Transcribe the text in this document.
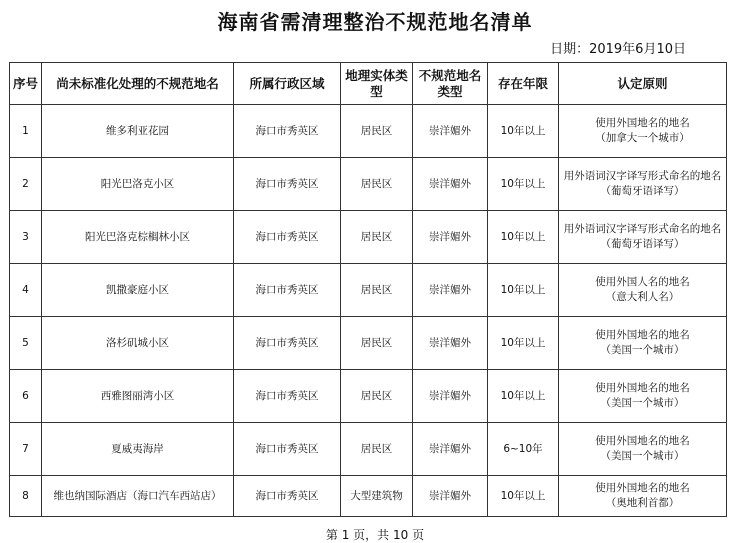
海南省需清理整治不规范地名清单
日期：2019年6月10日
序号	尚未标准化处理的不规范地名	所属行政区域	地理实体类型	不规范地名类型	存在年限	认定原则
1	维多利亚花园	海口市秀英区	居民区	崇洋媚外	10年以上	使用外国地名的地名
（加拿大一个城市）

2	阳光巴洛克小区	海口市秀英区	居民区	崇洋媚外	10年以上	用外语词汉字译写形式命名的地名
（葡萄牙语译写）

3	阳光巴洛克棕榈林小区	海口市秀英区	居民区	崇洋媚外	10年以上	用外语词汉字译写形式命名的地名
（葡萄牙语译写）

4	凯撒豪庭小区	海口市秀英区	居民区	崇洋媚外	10年以上	使用外国人名的地名
（意大利人名）

5	洛杉矶城小区	海口市秀英区	居民区	崇洋媚外	10年以上	使用外国地名的地名
（美国一个城市）

6	西雅图丽湾小区	海口市秀英区	居民区	崇洋媚外	10年以上	使用外国地名的地名
（美国一个城市）

7	夏威夷海岸	海口市秀英区	居民区	崇洋媚外	6~10年	使用外国地名的地名
（美国一个城市）

8	维也纳国际酒店（海口汽车西站店）	海口市秀英区	大型建筑物	崇洋媚外	10年以上	使用外国地名的地名
（奥地利首都）
第 1 页，共 10 页
